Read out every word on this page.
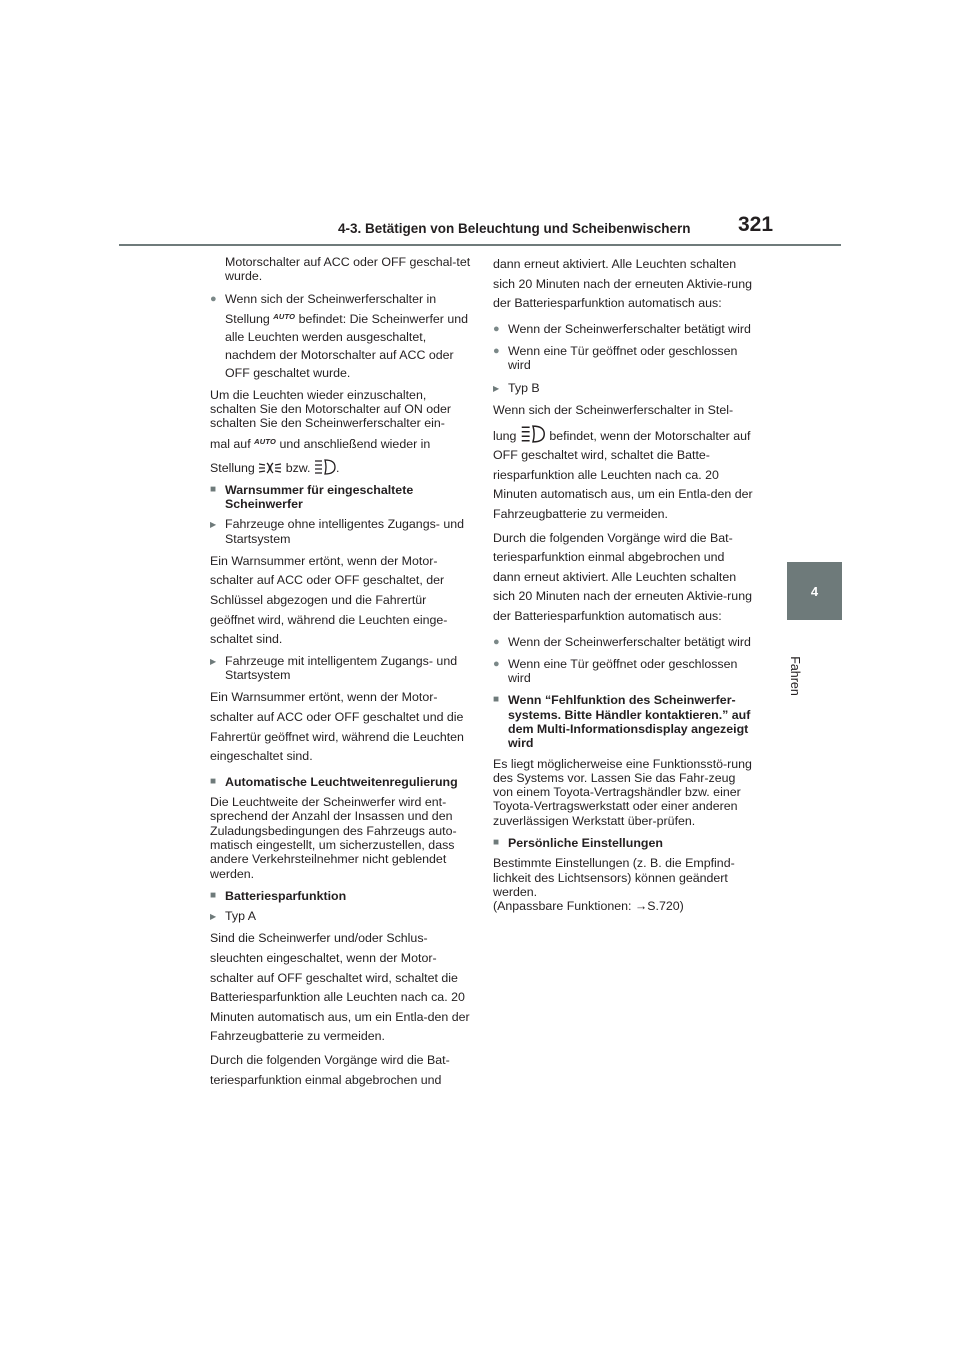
4-3. Betätigen von Beleuchtung und Scheibenwischern 321
4
Fahren

Motorschalter auf ACC oder OFF geschal-tet wurde.

● Wenn sich der Scheinwerferschalter in
Stellung $^{AUTO}$ befindet: Die Scheinwerfer und alle Leuchten werden ausgeschaltet, nachdem der Motorschalter auf ACC oder OFF geschaltet wurde.

Um die Leuchten wieder einzuschalten, schalten Sie den Motorschalter auf ON oder schalten Sie den Scheinwerferschalter ein-

mal auf $^{AUTO}$ und anschließend wieder in

Stellung bzw. .

■ Warnsummer für eingeschaltete Scheinwerfer
▶ Fahrzeuge ohne intelligentes Zugangs- und Startsystem

Ein Warnsummer ertönt, wenn der Motor-schalter auf ACC oder OFF geschaltet, der Schlüssel abgezogen und die Fahrertür geöffnet wird, während die Leuchten einge-schaltet sind.

▶ Fahrzeuge mit intelligentem Zugangs- und Startsystem

Ein Warnsummer ertönt, wenn der Motor-schalter auf ACC oder OFF geschaltet und die Fahrertür geöffnet wird, während die Leuchten eingeschaltet sind.

■ Automatische Leuchtweitenregulierung

Die Leuchtweite der Scheinwerfer wird ent-sprechend der Anzahl der Insassen und den Zuladungsbedingungen des Fahrzeugs auto-matisch eingestellt, um sicherzustellen, dass andere Verkehrsteilnehmer nicht geblendet werden.

■ Batteriesparfunktion
▶ Typ A

Sind die Scheinwerfer und/oder Schlus-sleuchten eingeschaltet, wenn der Motor-schalter auf OFF geschaltet wird, schaltet die Batteriesparfunktion alle Leuchten nach ca. 20 Minuten automatisch aus, um ein Entla-den der Fahrzeugbatterie zu vermeiden.

Durch die folgenden Vorgänge wird die Bat-teriesparfunktion einmal abgebrochen und

dann erneut aktiviert. Alle Leuchten schalten sich 20 Minuten nach der erneuten Aktivie-rung der Batteriesparfunktion automatisch aus:

● Wenn der Scheinwerferschalter betätigt wird
● Wenn eine Tür geöffnet oder geschlossen wird
▶ Typ B

Wenn sich der Scheinwerferschalter in Stel-

lung	befindet, wenn der Motorschalter auf OFF geschaltet wird, schaltet die Batte-riesparfunktion alle Leuchten nach ca. 20 Minuten automatisch aus, um ein Entla-den der Fahrzeugbatterie zu vermeiden.

Durch die folgenden Vorgänge wird die Bat-teriesparfunktion einmal abgebrochen und dann erneut aktiviert. Alle Leuchten schalten sich 20 Minuten nach der erneuten Aktivie-rung der Batteriesparfunktion automatisch aus:

● Wenn der Scheinwerferschalter betätigt wird
● Wenn eine Tür geöffnet oder geschlossen wird
■ Wenn “Fehlfunktion des Scheinwerfer-systems. Bitte Händler kontaktieren.” auf dem Multi-Informationsdisplay angezeigt wird

Es liegt möglicherweise eine Funktionsstö-rung des Systems vor. Lassen Sie das Fahr-zeug von einem Toyota-Vertragshändler bzw. einer Toyota-Vertragswerkstatt oder einer anderen zuverlässigen Werkstatt über-prüfen.

■ Persönliche Einstellungen

Bestimmte Einstellungen (z. B. die Empfind-lichkeit des Lichtsensors) können geändert werden.
(Anpassbare Funktionen: →S.720)
